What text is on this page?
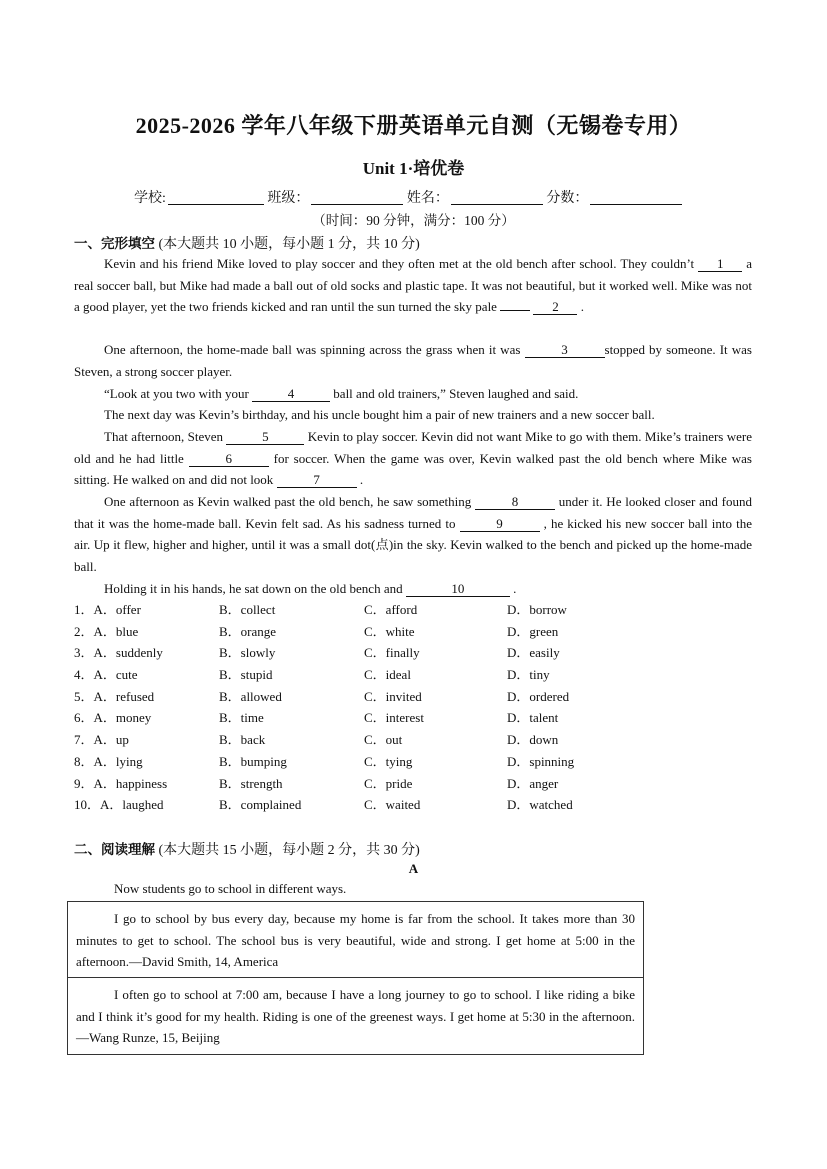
2025-2026 学年八年级下册英语单元自测（无锡卷专用）
Unit 1·培优卷
学校:	班级：	姓名：	分数：
（时间：90 分钟，满分：100 分）
一、完形填空 (本大题共 10 小题，每小题 1 分，共 10 分)
Kevin and his friend Mike loved to play soccer and they often met at the old bench after school. They couldn’t 1 a real soccer ball, but Mike had made a ball out of old socks and plastic tape. It was not beautiful, but it worked well. Mike was not a good player, yet the two friends kicked and ran until the sun turned the sky pale	2 .
One afternoon, the home-made ball was spinning across the grass when it was	3	stopped by someone. It was Steven, a strong soccer player.
“Look at you two with your	4	ball and old trainers,” Steven laughed and said.
The next day was Kevin’s birthday, and his uncle bought him a pair of new trainers and a new soccer ball.
That afternoon, Steven	5	Kevin to play soccer. Kevin did not want Mike to go with them. Mike’s trainers were old and he had little	6	for soccer. When the game was over, Kevin walked past the old bench where Mike was sitting. He walked on and did not look	7	.
One afternoon as Kevin walked past the old bench, he saw something	8	under it. He looked closer and found that it was the home-made ball. Kevin felt sad. As his sadness turned to	9	, he kicked his new soccer ball into the air. Up it flew, higher and higher, until it was a small dot(点)in the sky. Kevin walked to the bench and picked up the home-made ball.
Holding it in his hands, he sat down on the old bench and	10	.
1．A．offer	B．collect	C．afford	D．borrow
2．A．blue	B．orange	C．white	D．green
3．A．suddenly	B．slowly	C．finally	D．easily
4．A．cute	B．stupid	C．ideal	D．tiny
5．A．refused	B．allowed	C．invited	D．ordered
6．A．money	B．time	C．interest	D．talent
7．A．up	B．back	C．out	D．down
8．A．lying	B．bumping	C．tying	D．spinning
9．A．happiness	B．strength	C．pride	D．anger
10．A．laughed	B．complained	C．waited	D．watched
二、阅读理解 (本大题共 15 小题，每小题 2 分，共 30 分)
A
Now students go to school in different ways.

I go to school by bus every day, because my home is far from the school. It takes more than 30 minutes to get to school. The school bus is very beautiful, wide and strong. I get home at 5:00 in the afternoon.—David Smith, 14, America

I often go to school at 7:00 am, because I have a long journey to go to school. I like riding a bike and I think it’s good for my health. Riding is one of the greenest ways. I get home at 5:30 in the afternoon.—Wang Runze, 15, Beijing
